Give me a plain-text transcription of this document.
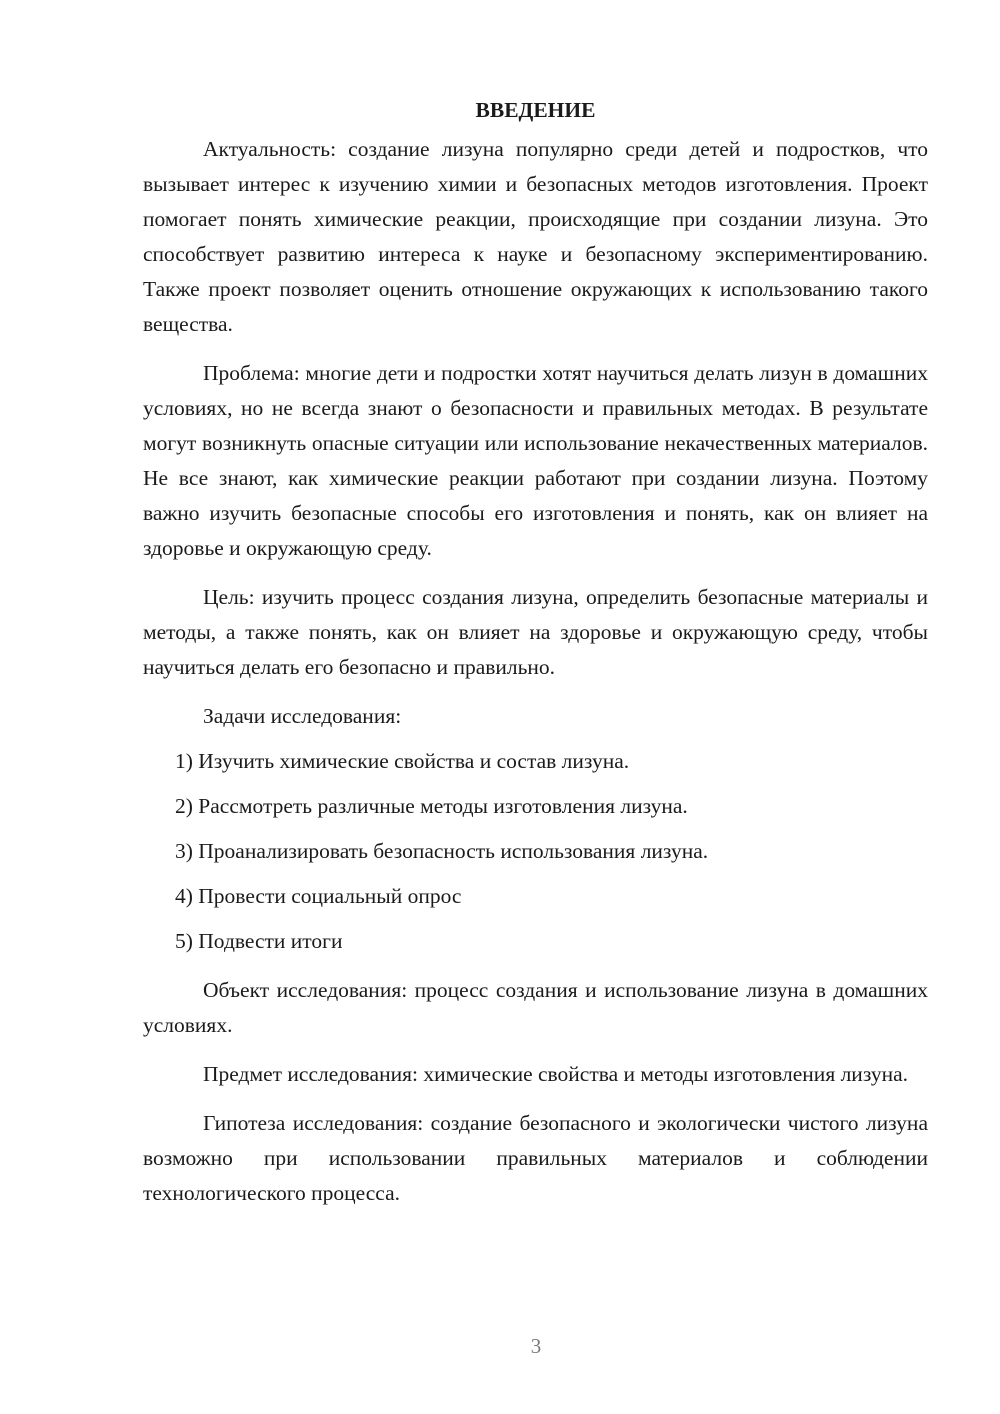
ВВЕДЕНИЕ

Актуальность: создание лизуна популярно среди детей и подростков, что вызывает интерес к изучению химии и безопасных методов изготовления. Проект помогает понять химические реакции, происходящие при создании лизуна. Это способствует развитию интереса к науке и безопасному экспериментированию. Также проект позволяет оценить отношение окружающих к использованию такого вещества.

Проблема: многие дети и подростки хотят научиться делать лизун в домашних условиях, но не всегда знают о безопасности и правильных методах. В результате могут возникнуть опасные ситуации или использование некачественных материалов. Не все знают, как химические реакции работают при создании лизуна. Поэтому важно изучить безопасные способы его изготовления и понять, как он влияет на здоровье и окружающую среду.

Цель: изучить процесс создания лизуна, определить безопасные материалы и методы, а также понять, как он влияет на здоровье и окружающую среду, чтобы научиться делать его безопасно и правильно.

Задачи исследования:

1) Изучить химические свойства и состав лизуна.
2) Рассмотреть различные методы изготовления лизуна.
3) Проанализировать безопасность использования лизуна.
4) Провести социальный опрос
5) Подвести итоги

Объект исследования: процесс создания и использование лизуна в домашних условиях.

Предмет исследования: химические свойства и методы изготовления лизуна.

Гипотеза исследования: создание безопасного и экологически чистого лизуна возможно при использовании правильных материалов и соблюдении технологического процесса.

3
